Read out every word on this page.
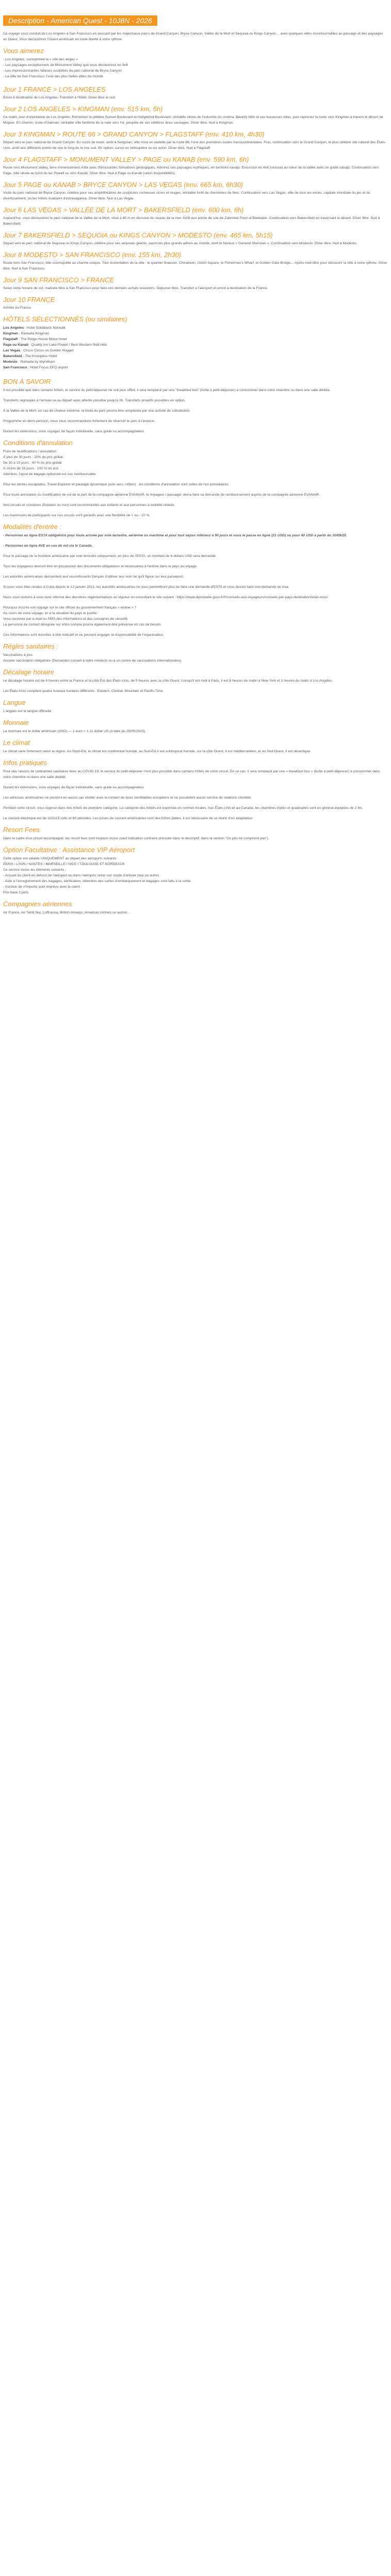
Description - American Quest - 10J8N - 2026

Ce voyage vous conduit de Los Angeles à San Francisco en passant par les majestueux parcs de Grand Canyon, Bryce Canyon, Vallée de la Mort et Sequoia ou Kings Canyon… avec quelques villes incontournables au passage et des paysages en Ouest. Vous découvrirez l'Ouest américain en toute liberté à votre rythme.

Vous aimerez
- Los Angeles, surnommée la « cité des anges »
- Les paysages exceptionnels de Monument Valley que vous découvrirez en 4x4
- Les impressionnantes falaises sculptées du parc national de Bryce Canyon
- La ville de San Francisco, l'une des plus belles villes du monde
Jour 1 FRANCE > LOS ANGELES

Envol à destination de Los Angeles. Transfert à l'hôtel. Dîner libre et nuit.

Jour 2 LOS ANGELES > KINGMAN (env. 515 km, 5h)

Ce matin, tour d'orientation de Los Angeles. Remontez la célèbre Sunset Boulevard et Hollywood Boulevard, véritable vitrine de l'industrie du cinéma, Beverly Hills et ses luxueuses villas, puis reprenez la route vers Kingman à travers le désert de Mojave. En chemin, visite d'Oatman, véritable ville fantôme de la ruée vers l'or, peuplée de ses célèbres ânes sauvages. Dîner libre. Nuit à Kingman.

Jour 3 KINGMAN > ROUTE 66 > GRAND CANYON > FLAGSTAFF (env. 410 km, 4h30)

Départ vers le parc national du Grand Canyon. En cours de route, arrêt à Seligman, ville mise en vedette par la route 66, l'une des premières routes transcontinentales. Puis, continuation vers le Grand Canyon, le plus célèbre site naturel des États-Unis, arrêt aux différents points de vue le long de la rive sud. En option, survol en hélicoptère ou en avion. Dîner libre. Nuit à Flagstaff.

Jour 4 FLAGSTAFF > MONUMENT VALLEY > PAGE ou KANAB (env. 590 km, 6h)

Route vers Monument Valley, terre immensément riche avec d'étonnantes formations géologiques. Admirez ces paysages mythiques, en territoire navajo. Excursion en 4x4 (incluse) au cœur de la vallée avec un guide navajo. Continuation vers Page, ville située au bord du lac Powell ou vers Kanab. Dîner libre. Nuit à Page ou Kanab (selon disponibilités).

Jour 5 PAGE ou KANAB > BRYCE CANYON > LAS VEGAS (env. 665 km, 6h30)

Visite du parc national de Bryce Canyon, célèbre pour ses amphithéâtres de sculptures rocheuses ocres et rouges, véritable forêt de cheminées de fées. Continuation vers Las Vegas, ville de tous les excès, capitale mondiale du jeu et du divertissement, où les hôtels rivalisent d'extravagance. Dîner libre. Nuit à Las Vegas.

Jour 6 LAS VEGAS > VALLÉE DE LA MORT > BAKERSFIELD (env. 600 km, 6h)

Aujourd'hui, vous découvrirez le parc national de la Vallée de la Mort, situé à 80 m en dessous du niveau de la mer. Arrêt aux points de vue de Zabriskie Point et Badwater. Continuation vers Bakersfield en traversant le désert. Dîner libre. Nuit à Bakersfield.

Jour 7 BAKERSFIELD > SEQUOIA ou KINGS CANYON > MODESTO (env. 465 km, 5h15)

Départ vers le parc national de Sequoia ou Kings Canyon, célèbre pour ses séquoias géants, parmi les plus grands arbres au monde, dont le fameux « General Sherman ». Continuation vers Modesto. Dîner libre. Nuit à Modesto.

Jour 8 MODESTO > SAN FRANCISCO (env. 155 km, 2h30)

Route vers San Francisco, ville cosmopolite au charme unique. Tour d'orientation de la ville : le quartier financier, Chinatown, Union Square, le Fisherman's Wharf, le Golden Gate Bridge… Après-midi libre pour découvrir la ville à votre rythme. Dîner libre. Nuit à San Francisco.

Jour 9 SAN FRANCISCO > FRANCE

Selon votre horaire de vol, matinée libre à San Francisco pour faire vos derniers achats souvenirs. Déjeuner libre. Transfert à l'aéroport et envol à destination de la France.

Jour 10 FRANCE

Arrivée en France.

HÔTELS SÉLECTIONNÉS (ou similaires)
Los Angeles : Hotel Solidblack Norwalk
Kingman : Ramada Kingman
Flagstaff : The Ridge House Motor Hotel
Page ou Kanab : Quality Inn Lake Powell / Best Western Red Hills
Las Vegas : Circus Circus ou Golden Nugget
Bakersfield : The Hourglass Hotel
Modesto : Ramada by Wyndham
San Francisco : Hotel Focus SFO airport
BON À SAVOIR

Il est possible que dans certains hôtels, le service du petit-déjeuner ne soit plus offert, il sera remplacé par une "breakfast box" (boîte à petit-déjeuner) à consommer dans votre chambre ou dans une salle dédiée.

Transferts regroupés à l'arrivée ou au départ avec attente possible jusqu'à 2h. Transferts privatifs possibles en option.

À la Vallée de la Mort, en cas de chaleur extrême, la visite du parc pourra être remplacée par une activité de substitution.

Programme en demi-pension, nous vous recommandons fortement de réserver le parc à l'avance.

Durant les extensions, vous voyagez de façon individuelle, sans guide ou accompagnateur.

Conditions d'annulation
Frais de modifications / annulation :
À plus de 30 jours : 10% du prix global
De 30 à 15 jours : 40 % du prix global
À moins de 15 jours : 100 % du prix

Attention, l'ajout de bagage optionnel est non remboursable.

Pour les ventes escapades, Travel Explorer et package dynamique (vols secs, hôtels) : les conditions d'annulation sont celles de nos prestataires.

Pour toute annulation ou modification de vol de la part de la compagnie aérienne EVANAIR, le voyageur / passager devra faire sa demande de remboursement auprès de la compagnie aérienne EVANAIR.

Nos circuits et croisières (fluviales ou non) sont recommandés aux enfants et aux personnes à mobilité réduite.

Les maximums de participants sur nos circuits sont garantis avec une flexibilité de + ou - 10 %.

Modalités d'entrée :

- Personnes en ligne ESTA obligatoire pour toute arrivée par voie terrestre, aérienne ou maritime et pour tout séjour inférieur à 90 jours et sous le passe en ligne (21 USD) ou pour 40 USD à partir du 30/09/25.

- Personnes en ligne AVE en cas de vol via le Canada.

Pour le passage de la frontière américaine par voie terrestre uniquement, en plus de l'ESTA, un montant de 6 dollars USD sera demandé.

Tous les voyageurs devront être en possession des documents obligatoires et nécessaires à l'entrée dans le pays au voyage.

Les autorités américaines demandent aux ressortissants français d'utiliser leur nom tel qu'il figure sur leur passeport.

Si vous vous êtes rendus à Cuba depuis le 12 janvier 2021, les autorités américaines ne vous permettront plus de faire une demande d'ESTA et vous devrez faire une demande de visa.

Nous vous invitons à vous tenir informé des dernières réglementations en vigueur en consultant le site suivant : https://www.diplomatie.gouv.fr/fr/conseils-aux-voyageurs/conseils-par-pays-destination/etats-unis/

Pourquoi inscrire son voyage sur le site officiel du gouvernement français « Ariane » ?
Au cours de votre voyage, et si la situation du pays le justifie :
Vous recevrez par e-mail ou SMS des informations et des consignes de sécurité.

La personne de contact désignée sur votre compte pourra également être prévenue en cas de besoin.

Ces informations sont données à titre indicatif et ne peuvent engager la responsabilité de l'organisateur.

Règles sanitaires :
Vaccinations à jour.

Aucune vaccination obligatoire (Demandez conseil à votre médecin ou à un centre de vaccinations internationales).

Décalage horaire

Le décalage horaire est de 6 heures entre la France et la côte Est des États-Unis, de 9 heures avec la côte Ouest. Lorsqu'il est midi à Paris, il est 6 heures du matin à New York et 3 heures du matin à Los Angeles.

Les États-Unis comptent quatre fuseaux horaires différents : Eastern, Central, Mountain et Pacific Time.

Langue

L'anglais est la langue officielle

Monnaie

La monnaie est le dollar américain (USD) — 1 euro = 1.11 dollar US (à date du 25/05/2025).

Le climat

Le climat varie fortement selon la région. Au Nord-Est, le climat est continental humide, au Sud-Est il est subtropical humide, sur la côte Ouest, il est méditerranéen, et au Sud-Ouest, il est désertique.

Infos pratiques

Pour des raisons de contraintes sanitaires liées au COVID-19, le service du petit-déjeuner n'est plus possible dans certains hôtels de votre circuit. En ce cas, il sera remplacé par une « breakfast box » (boîte à petit-déjeuner) à consommer dans votre chambre ou dans une salle dédiée.

Durant les extensions, vous voyagez de façon individuelle, sans guide ou accompagnateur.

Les adresses américaines ne peuvent en aucun cas résilier avec le contact de leurs semblables européens et ne possèdent aucun service de relations clientèle.

Pendant votre circuit, vous logerez dans des hôtels de première catégorie. La catégorie des hôtels est exprimée en normes locales. Aux États-Unis et au Canada, les chambres triples et quadruples sont en général équipées de 2 lits.

Le courant électrique est de 110/115 volts et 60 périodes. Les prises de courant américaines sont des fiches plates, il est nécessaire de se munir d'un adaptateur.

Resort Fees

Dans le cadre d'un circuit accompagné, les resort fees sont toujours inclus (sauf indication contraire précisée dans le descriptif, dans la section "Ce prix ne comprend pas").

Option Facultative : Assistance VIP Aéroport
Cette option est valable UNIQUEMENT au départ des aéroports suivants :
PARIS / LYON / NANTES / MARSEILLE / NICE / TOULOUSE ET BORDEAUX
Ce service inclus les éléments suivants :
- Accueil du client en dehors de l'aéroport ou dans l'aéroport selon son mode d'arrivée (taxi ou autre)
- Aide à l'enregistrement des bagages, vérification, obtention des cartes d'embarquement et bagages sont faits à la sortie
- Gestion de n'importe quel imprévu avec le client

Prix base 2 pers

Compagnies aériennes

Air France, Air Tahiti Nui, Lufthansa, British Airways, American Airlines ou autres…
